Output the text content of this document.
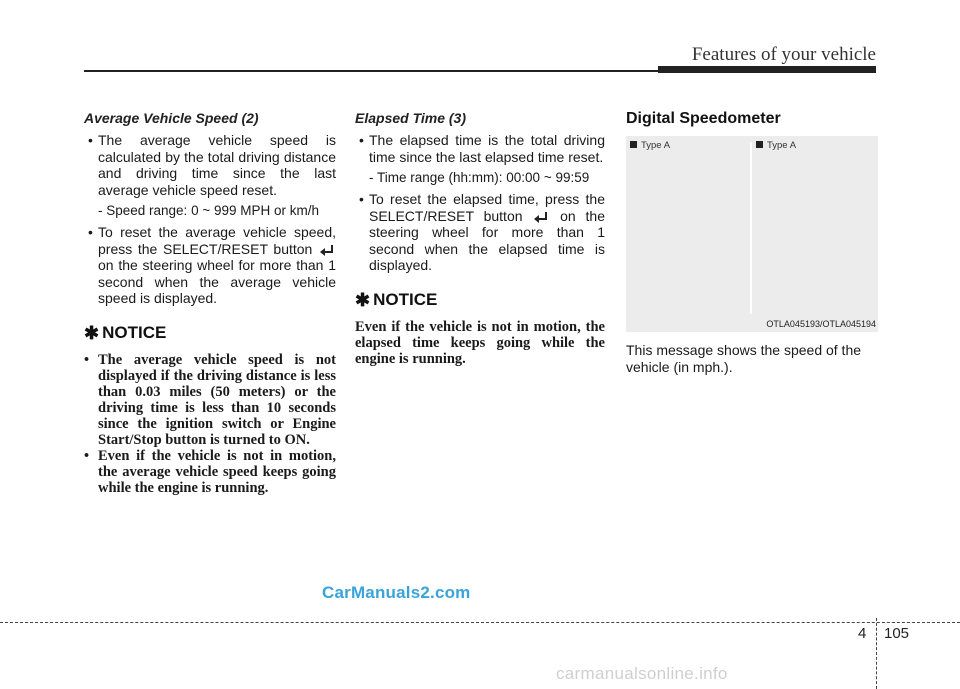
Features of your vehicle

Average Vehicle Speed (2)

• The average vehicle speed is calculated by the total driving distance and driving time since the last average vehicle speed reset.
- Speed range: 0 ~ 999 MPH or km/h
• To reset the average vehicle speed, press the SELECT/RESET button
on the steering wheel for more than 1 second when the average vehicle speed is displayed.
✱ NOTICE
• The average vehicle speed is not displayed if the driving distance is less than 0.03 miles (50 meters) or the driving time is less than 10 seconds since the ignition switch or Engine Start/Stop button is turned to ON.
• Even if the vehicle is not in motion, the average vehicle speed keeps going while the engine is running.

Elapsed Time (3)

• The elapsed time is the total driving time since the last elapsed time reset.
- Time range (hh:mm): 00:00 ~ 99:59
• To reset the elapsed time, press the SELECT/RESET button	on the steering wheel for more than 1 second when the elapsed time is displayed.
✱ NOTICE

Even if the vehicle is not in motion, the elapsed time keeps going while the engine is running.

Digital Speedometer
Type A	Type A
OTLA045193/OTLA045194

This message shows the speed of the vehicle (in mph.).

CarManuals2.com
4 105
carmanualsonline.info
